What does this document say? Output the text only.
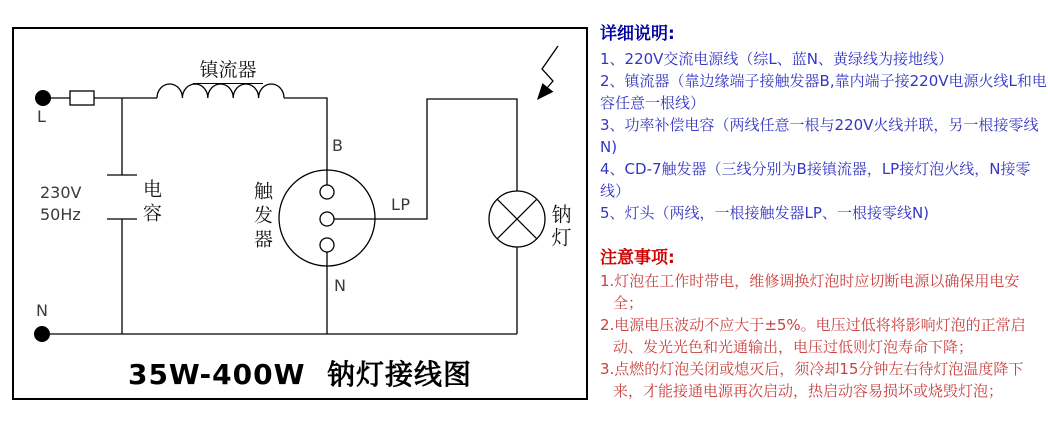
镇流器
L
230V
50Hz	电容	触发器
B
LP
N
N
钠灯
35W-400W  钠灯接线图
详细说明:
1、220V交流电源线（综L、蓝N、黄绿线为接地线）
2、镇流器（靠边缘端子接触发器B,靠内端子接220V电源火线L和电容任意一根线）
3、功率补偿电容（两线任意一根与220V火线并联，另一根接零线N)
4、CD-7触发器（三线分别为B接镇流器，LP接灯泡火线，N接零线）
5、灯头（两线，一根接触发器LP、一根接零线N)
注意事项:
1.灯泡在工作时带电，维修调换灯泡时应切断电源以确保用电安全；
2.电源电压波动不应大于±5%。电压过低将将影响灯泡的正常启动、发光光色和光通输出，电压过低则灯泡寿命下降；
3.点燃的灯泡关闭或熄灭后，须冷却15分钟左右待灯泡温度降下来，才能接通电源再次启动，热启动容易损坏或烧毁灯泡；
